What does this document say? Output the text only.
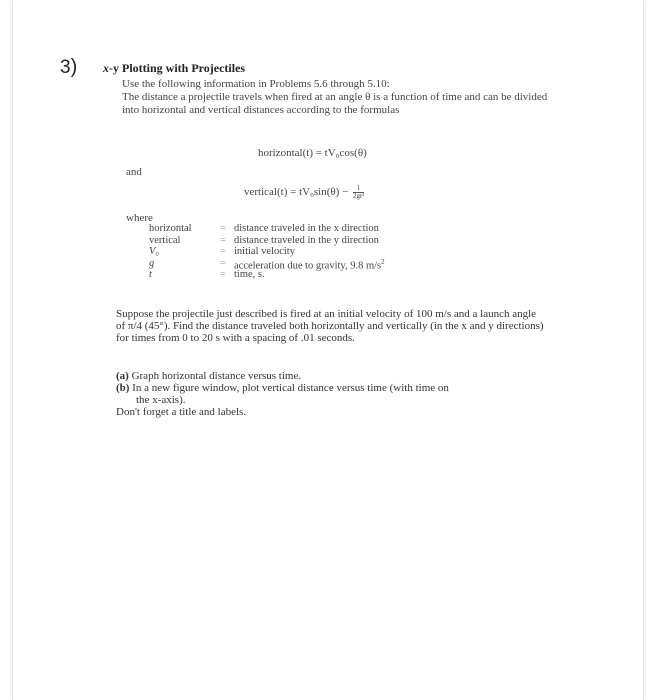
3) x-y Plotting with Projectiles
Use the following information in Problems 5.6 through 5.10:
The distance a projectile travels when fired at an angle θ is a function of time and can be divided into horizontal and vertical distances according to the formulas
horizontal(t) = tV₀cos(θ)
and
vertical(t) = $tV_0\sin(\theta) - \frac{1}{\text{2gt²}}$
where
horizontal	= distance traveled in the x direction
vertical	= distance traveled in the y direction
V₀	= initial velocity
g	= acceleration due to gravity, 9.8 $m/s^2$
t	= time, s.
Suppose the projectile just described is fired at an initial velocity of 100 m/s and a launch angle of π/4 (45°). Find the distance traveled both horizontally and vertically (in the x and y directions) for times from 0 to 20 s with a spacing of .01 seconds.
(a) Graph horizontal distance versus time.
(b) In a new figure window, plot vertical distance versus time (with time on
the x-axis).
Don't forget a title and labels.
